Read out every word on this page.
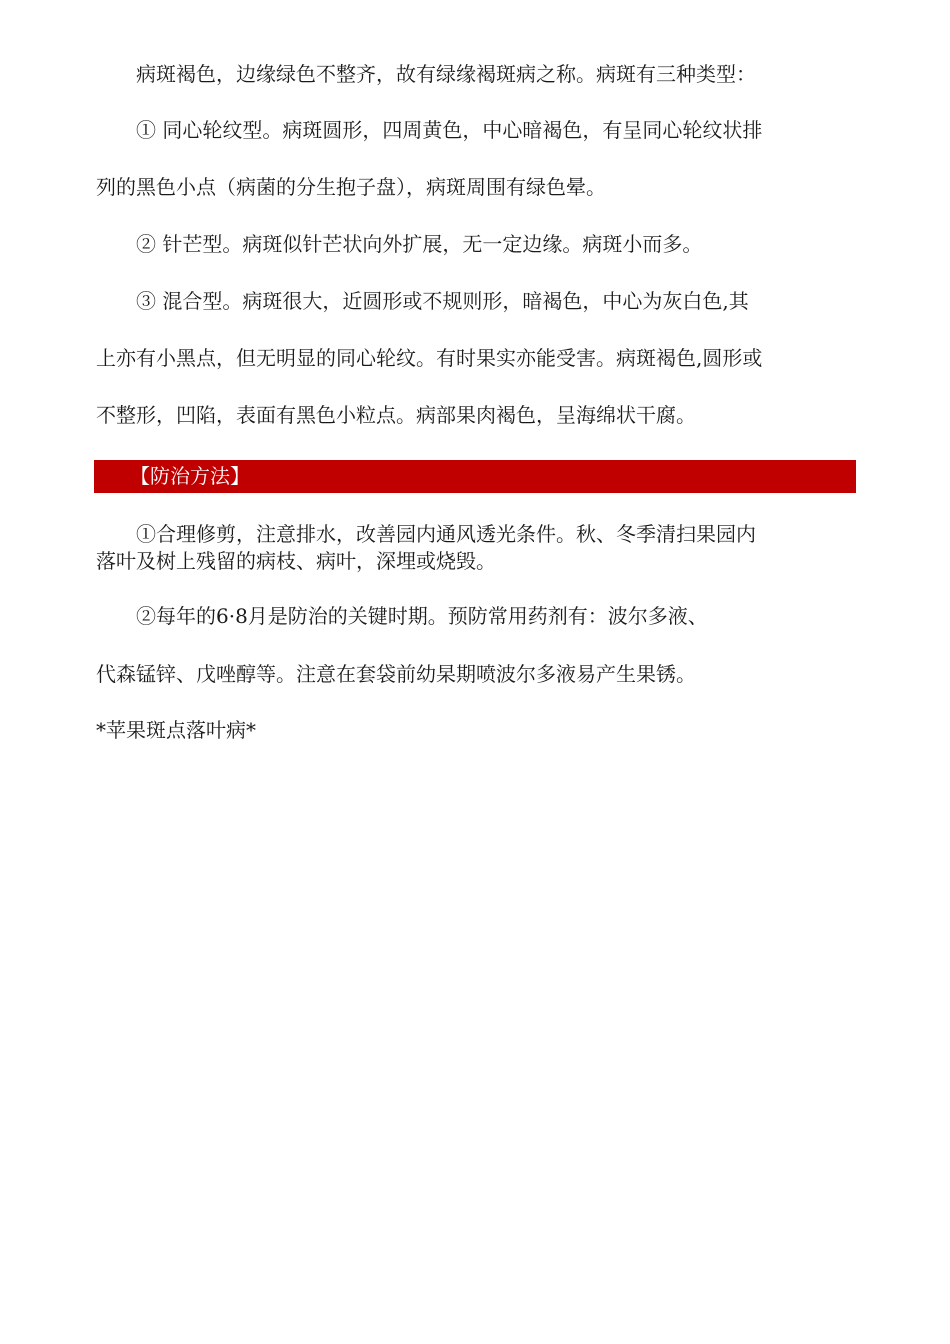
病斑褐色，边缘绿色不整齐，故有绿缘褐斑病之称。病斑有三种类型：
① 同心轮纹型。病斑圆形，四周黄色，中心暗褐色，有呈同心轮纹状排
列的黑色小点（病菌的分生抱子盘），病斑周围有绿色晕。
② 针芒型。病斑似针芒状向外扩展，无一定边缘。病斑小而多。
③ 混合型。病斑很大，近圆形或不规则形，暗褐色，中心为灰白色,其
上亦有小黑点，但无明显的同心轮纹。有时果实亦能受害。病斑褐色,圆形或
不整形，凹陷，表面有黑色小粒点。病部果肉褐色，呈海绵状干腐。
【防治方法】
①合理修剪，注意排水，改善园内通风透光条件。秋、冬季清扫果园内
落叶及树上残留的病枝、病叶，深埋或烧毁。
②每年的6·8月是防治的关键时期。预防常用药剂有：波尔多液、
代森锰锌、戊唑醇等。注意在套袋前幼杲期喷波尔多液易产生果锈。
*苹果斑点落叶病*
